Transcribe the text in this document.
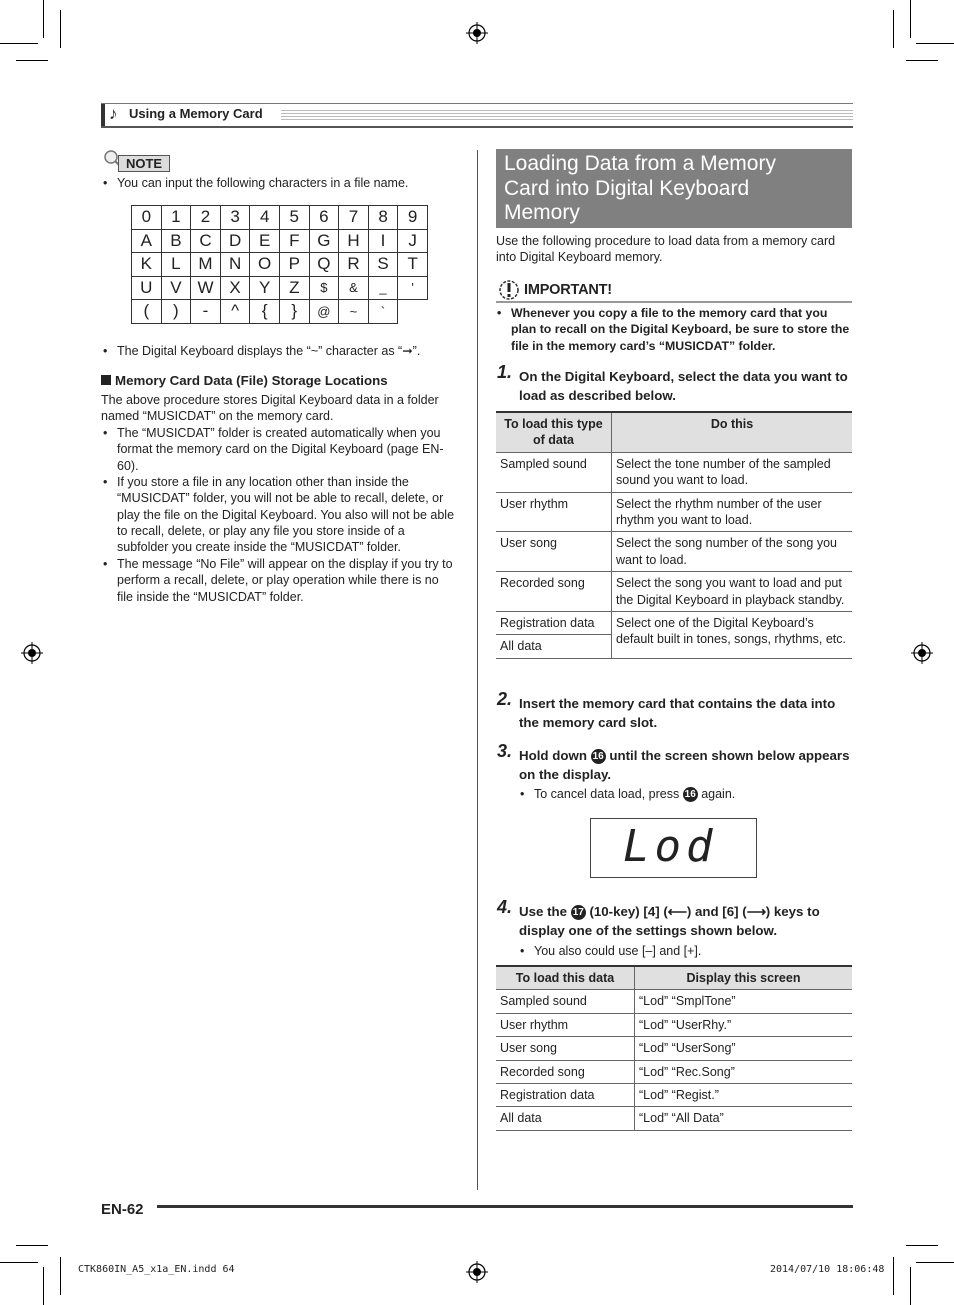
♪ Using a Memory Card
NOTE
• You can input the following characters in a file name.
0	1	2	3	4	5	6	7	8	9
A	B	C	D	E	F	G	H	I	J
K	L	M	N	O	P	Q	R	S	T
U	V	W	X	Y	Z	$	&	_	'
(	)	-	^	{	}	@	~	`	
• The Digital Keyboard displays the “~” character as “➞”.
Memory Card Data (File) Storage Locations
The above procedure stores Digital Keyboard data in a folder named “MUSICDAT” on the memory card.
• The “MUSICDAT” folder is created automatically when you format the memory card on the Digital Keyboard (page EN-60).
• If you store a file in any location other than inside the “MUSICDAT” folder, you will not be able to recall, delete, or play the file on the Digital Keyboard. You also will not be able to recall, delete, or play any file you store inside of a subfolder you create inside the “MUSICDAT” folder.
• The message “No File” will appear on the display if you try to perform a recall, delete, or play operation while there is no file inside the “MUSICDAT” folder.
Loading Data from a Memory
Card into Digital Keyboard
Memory
Use the following procedure to load data from a memory card into Digital Keyboard memory.
IMPORTANT!
• Whenever you copy a file to the memory card that you plan to recall on the Digital Keyboard, be sure to store the file in the memory card’s “MUSICDAT” folder.
1. On the Digital Keyboard, select the data you want to load as described below.
To load this type of data	Do this
Sampled sound	Select the tone number of the sampled sound you want to load.
User rhythm	Select the rhythm number of the user rhythm you want to load.
User song	Select the song number of the song you want to load.
Recorded song	Select the song you want to load and put the Digital Keyboard in playback standby.
Registration data	Select one of the Digital Keyboard’s default built in tones, songs, rhythms, etc.
All data	
2. Insert the memory card that contains the data into the memory card slot.
3. Hold down 16 until the screen shown below appears on the display.
• To cancel data load, press 16 again.
Lod
4. Use the 17 (10-key) [4] (⟵) and [6] (⟶) keys to display one of the settings shown below.
• You also could use [–] and [+].
To load this data	Display this screen
Sampled sound	“Lod” “SmplTone”
User rhythm	“Lod” “UserRhy.”
User song	“Lod” “UserSong”
Recorded song	“Lod” “Rec.Song”
Registration data	“Lod” “Regist.”
All data	“Lod” “All Data”
EN-62
CTK860IN_A5_x1a_EN.indd 64	2014/07/10 18:06:48
